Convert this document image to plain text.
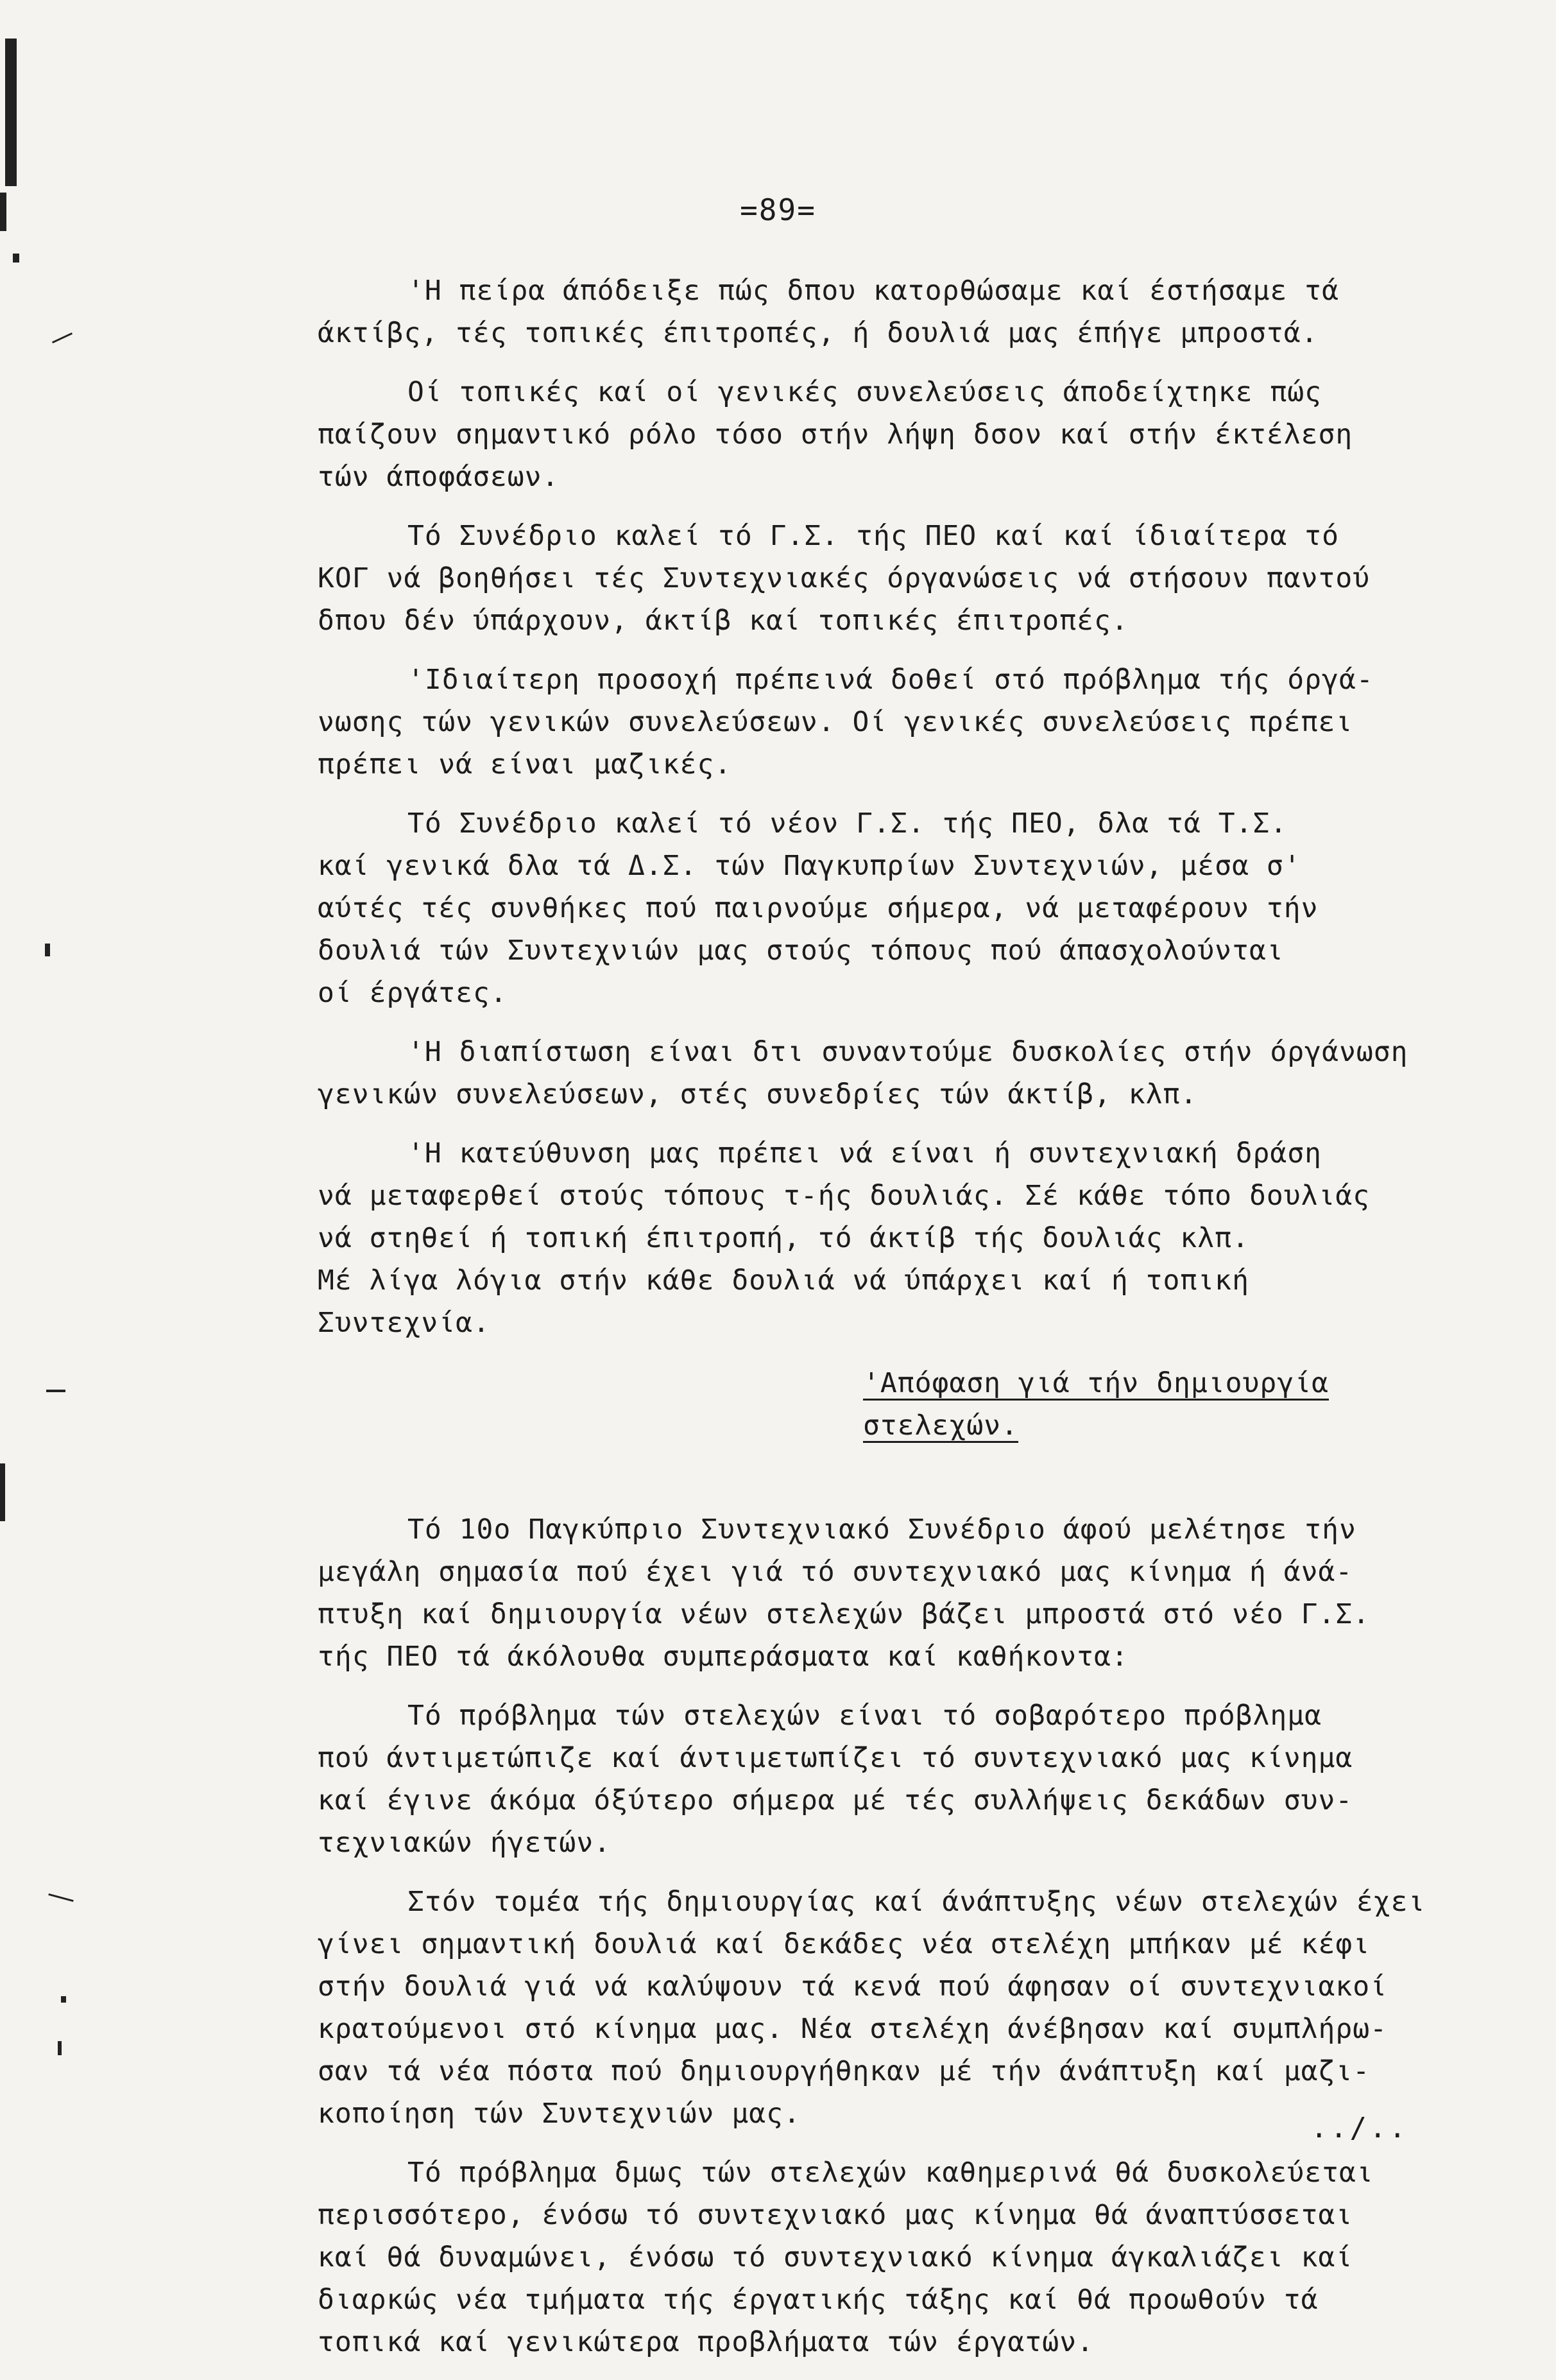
=89=
'Η πείρα άπόδειξε πώς δπου κατορθώσαμε καί έστήσαμε τά
άκτίβς, τές τοπικές έπιτροπές, ή δουλιά μας έπήγε μπροστά.
Οί τοπικές καί οί γενικές συνελεύσεις άποδείχτηκε πώς
παίζουν σημαντικό ρόλο τόσο στήν λήψη δσον καί στήν έκτέλεση
τών άποφάσεων.
Τό Συνέδριο καλεί τό Γ.Σ. τής ΠΕΟ καί καί ίδιαίτερα τό
ΚΟΓ νά βοηθήσει τές Συντεχνιακές όργανώσεις νά στήσουν παντού
δπου δέν ύπάρχουν, άκτίβ καί τοπικές έπιτροπές.
'Ιδιαίτερη προσοχή πρέπεινά δοθεί στό πρόβλημα τής όργά-
νωσης τών γενικών συνελεύσεων. Οί γενικές συνελεύσεις πρέπει
πρέπει νά είναι μαζικές.
Τό Συνέδριο καλεί τό νέον Γ.Σ. τής ΠΕΟ, δλα τά Τ.Σ.
καί γενικά δλα τά Δ.Σ. τών Παγκυπρίων Συντεχνιών, μέσα σ'
αύτές τές συνθήκες πού παιρνούμε σήμερα, νά μεταφέρουν τήν
δουλιά τών Συντεχνιών μας στούς τόπους πού άπασχολούνται
οί έργάτες.
'Η διαπίστωση είναι δτι συναντούμε δυσκολίες στήν όργάνωση
γενικών συνελεύσεων, στές συνεδρίες τών άκτίβ, κλπ.
'Η κατεύθυνση μας πρέπει νά είναι ή συντεχνιακή δράση
νά μεταφερθεί στούς τόπους τ-ής δουλιάς. Σέ κάθε τόπο δουλιάς
νά στηθεί ή τοπική έπιτροπή, τό άκτίβ τής δουλιάς κλπ.
Μέ λίγα λόγια στήν κάθε δουλιά νά ύπάρχει καί ή τοπική
Συντεχνία.
'Απόφαση γιά τήν δημιουργία
στελεχών.
Τό 10ο Παγκύπριο Συντεχνιακό Συνέδριο άφού μελέτησε τήν
μεγάλη σημασία πού έχει γιά τό συντεχνιακό μας κίνημα ή άνά-
πτυξη καί δημιουργία νέων στελεχών βάζει μπροστά στό νέο Γ.Σ.
τής ΠΕΟ τά άκόλουθα συμπεράσματα καί καθήκοντα:
Τό πρόβλημα τών στελεχών είναι τό σοβαρότερο πρόβλημα
πού άντιμετώπιζε καί άντιμετωπίζει τό συντεχνιακό μας κίνημα
καί έγινε άκόμα όξύτερο σήμερα μέ τές συλλήψεις δεκάδων συν-
τεχνιακών ήγετών.
Στόν τομέα τής δημιουργίας καί άνάπτυξης νέων στελεχών έχει
γίνει σημαντική δουλιά καί δεκάδες νέα στελέχη μπήκαν μέ κέφι
στήν δουλιά γιά νά καλύψουν τά κενά πού άφησαν οί συντεχνιακοί
κρατούμενοι στό κίνημα μας. Νέα στελέχη άνέβησαν καί συμπλήρω-
σαν τά νέα πόστα πού δημιουργήθηκαν μέ τήν άνάπτυξη καί μαζι-
κοποίηση τών Συντεχνιών μας.
Τό πρόβλημα δμως τών στελεχών καθημερινά θά δυσκολεύεται
περισσότερο, ένόσω τό συντεχνιακό μας κίνημα θά άναπτύσσεται
καί θά δυναμώνει, ένόσω τό συντεχνιακό κίνημα άγκαλιάζει καί
διαρκώς νέα τμήματα τής έργατικής τάξης καί θά προωθούν τά
τοπικά καί γενικώτερα προβλήματα τών έργατών.
../..
